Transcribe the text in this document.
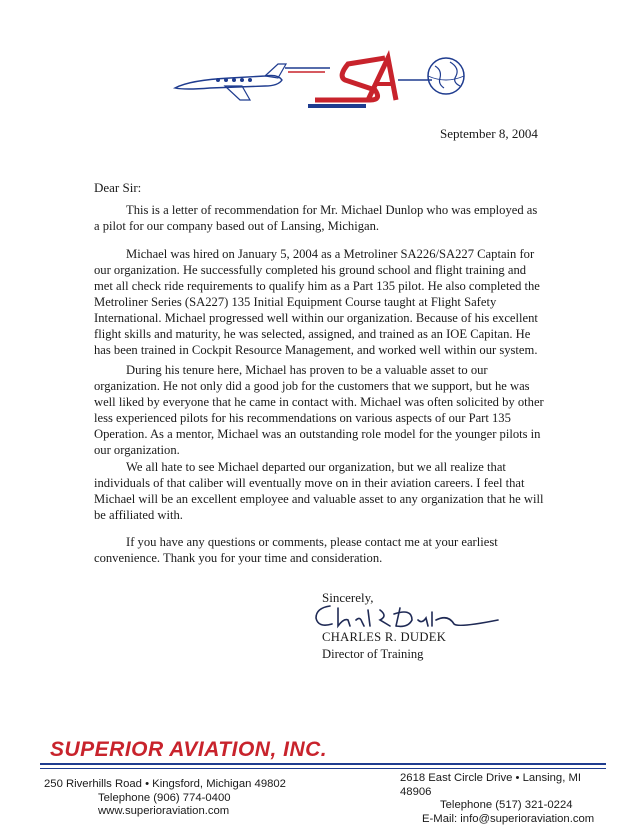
September 8, 2004
Dear Sir:

This is a letter of recommendation for Mr. Michael Dunlop who was employed as a pilot for our company based out of Lansing, Michigan.

Michael was hired on January 5, 2004 as a Metroliner SA226/SA227 Captain for our organization. He successfully completed his ground school and flight training and met all check ride requirements to qualify him as a Part 135 pilot. He also completed the Metroliner Series (SA227) 135 Initial Equipment Course taught at Flight Safety International. Michael progressed well within our organization. Because of his excellent flight skills and maturity, he was selected, assigned, and trained as an IOE Capitan. He has been trained in Cockpit Resource Management, and worked well within our system.

During his tenure here, Michael has proven to be a valuable asset to our organization. He not only did a good job for the customers that we support, but he was well liked by everyone that he came in contact with. Michael was often solicited by other less experienced pilots for his recommendations on various aspects of our Part 135 Operation. As a mentor, Michael was an outstanding role model for the younger pilots in our organization.

We all hate to see Michael departed our organization, but we all realize that individuals of that caliber will eventually move on in their aviation careers. I feel that Michael will be an excellent employee and valuable asset to any organization that he will be affiliated with.

If you have any questions or comments, please contact me at your earliest convenience. Thank you for your time and consideration.

Sincerely,
CHARLES R. DUDEK
Director of Training
SUPERIOR AVIATION, INC.
250 Riverhills Road • Kingsford, Michigan 49802
Telephone (906) 774-0400
www.superioraviation.com
2618 East Circle Drive • Lansing, MI 48906
Telephone (517) 321-0224
E-Mail: info@superioraviation.com
